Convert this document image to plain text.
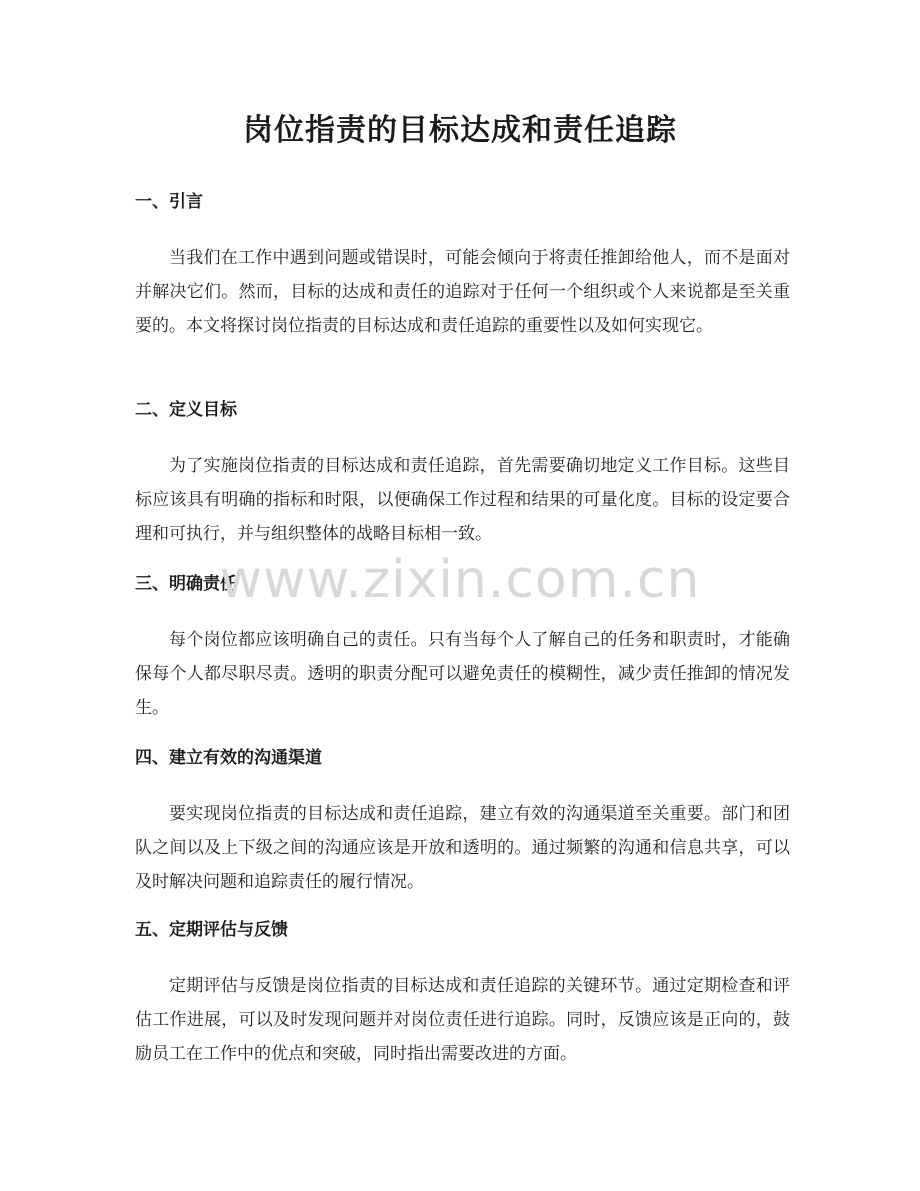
岗位指责的目标达成和责任追踪
一、引言

当我们在工作中遇到问题或错误时，可能会倾向于将责任推卸给他人，而不是面对并解决它们。然而，目标的达成和责任的追踪对于任何一个组织或个人来说都是至关重要的。本文将探讨岗位指责的目标达成和责任追踪的重要性以及如何实现它。

二、定义目标

为了实施岗位指责的目标达成和责任追踪，首先需要确切地定义工作目标。这些目标应该具有明确的指标和时限，以便确保工作过程和结果的可量化度。目标的设定要合理和可执行，并与组织整体的战略目标相一致。

三、明确责任

每个岗位都应该明确自己的责任。只有当每个人了解自己的任务和职责时，才能确保每个人都尽职尽责。透明的职责分配可以避免责任的模糊性，减少责任推卸的情况发生。

四、建立有效的沟通渠道

要实现岗位指责的目标达成和责任追踪，建立有效的沟通渠道至关重要。部门和团队之间以及上下级之间的沟通应该是开放和透明的。通过频繁的沟通和信息共享，可以及时解决问题和追踪责任的履行情况。

五、定期评估与反馈

定期评估与反馈是岗位指责的目标达成和责任追踪的关键环节。通过定期检查和评估工作进展，可以及时发现问题并对岗位责任进行追踪。同时，反馈应该是正向的，鼓励员工在工作中的优点和突破，同时指出需要改进的方面。

www.zixin.com.cn
